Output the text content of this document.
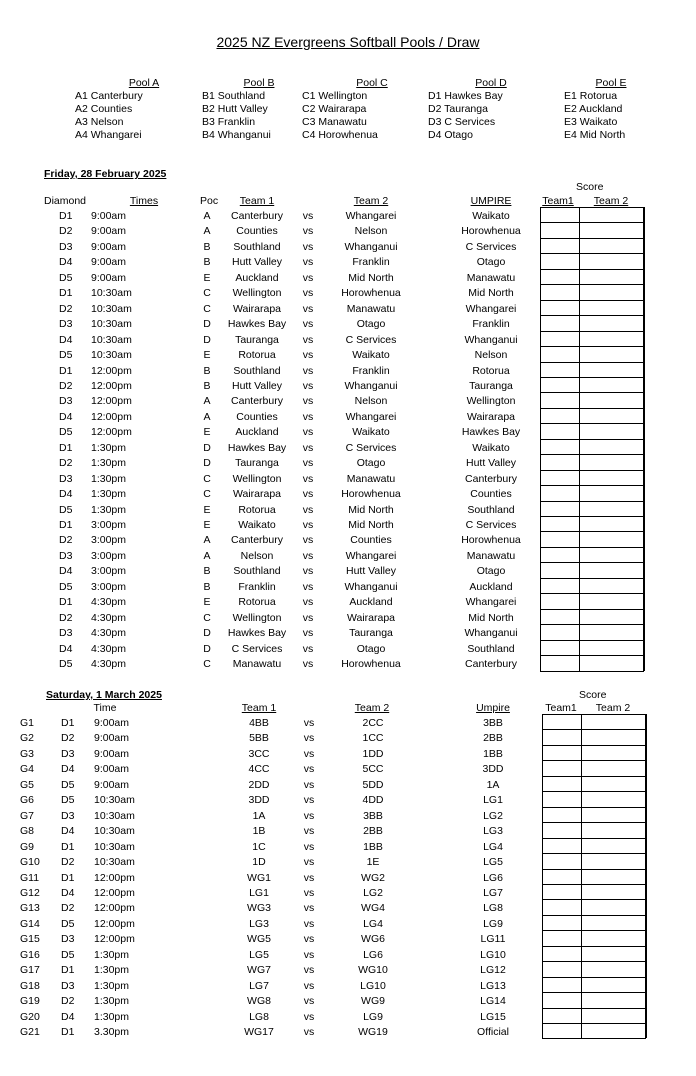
2025 NZ Evergreens Softball Pools / Draw
Pool A
A1 Canterbury
A2 Counties
A3 Nelson
A4 Whangarei
Pool B
B1 Southland
B2 Hutt Valley
B3 Franklin
B4 Whanganui
Pool C
C1 Wellington
C2 Wairarapa
C3 Manawatu
C4 Horowhenua
Pool D
D1 Hawkes Bay
D2 Tauranga
D3 C Services
D4 Otago
Pool E
E1 Rotorua
E2 Auckland
E3 Waikato
E4 Mid North
Friday, 28 February 2025
Score
Diamond	Times	Poc	Team 1	Team 2	UMPIRE	Team1	Team 2
D1 9:00am	A	Canterbury	vs	Whangarei	Waikato
D2 9:00am	A	Counties	vs	Nelson	Horowhenua
D3 9:00am	B	Southland	vs	Whanganui	C Services
D4 9:00am	B	Hutt Valley	vs	Franklin	Otago
D5 9:00am	E	Auckland	vs	Mid North	Manawatu
D1 10:30am	C	Wellington	vs	Horowhenua	Mid North
D2 10:30am	C	Wairarapa	vs	Manawatu	Whangarei
D3 10:30am	D	Hawkes Bay	vs	Otago	Franklin
D4 10:30am	D	Tauranga	vs	C Services	Whanganui
D5 10:30am	E	Rotorua	vs	Waikato	Nelson
D1 12:00pm	B	Southland	vs	Franklin	Rotorua
D2 12:00pm	B	Hutt Valley	vs	Whanganui	Tauranga
D3 12:00pm	A	Canterbury	vs	Nelson	Wellington
D4 12:00pm	A	Counties	vs	Whangarei	Wairarapa
D5 12:00pm	E	Auckland	vs	Waikato	Hawkes Bay
D1 1:30pm	D	Hawkes Bay	vs	C Services	Waikato
D2 1:30pm	D	Tauranga	vs	Otago	Hutt Valley
D3 1:30pm	C	Wellington	vs	Manawatu	Canterbury
D4 1:30pm	C	Wairarapa	vs	Horowhenua	Counties
D5 1:30pm	E	Rotorua	vs	Mid North	Southland
D1 3:00pm	E	Waikato	vs	Mid North	C Services
D2 3:00pm	A	Canterbury	vs	Counties	Horowhenua
D3 3:00pm	A	Nelson	vs	Whangarei	Manawatu
D4 3:00pm	B	Southland	vs	Hutt Valley	Otago
D5 3:00pm	B	Franklin	vs	Whanganui	Auckland
D1 4:30pm	E	Rotorua	vs	Auckland	Whangarei
D2 4:30pm	C	Wellington	vs	Wairarapa	Mid North
D3 4:30pm	D	Hawkes Bay	vs	Tauranga	Whanganui
D4 4:30pm	D	C Services	vs	Otago	Southland
D5 4:30pm	C	Manawatu	vs	Horowhenua	Canterbury
Saturday, 1 March 2025	Score
Time	Team 1	Team 2	Umpire	Team1	Team 2
G1	D1 9:00am	4BB	vs	2CC	3BB
G2	D2 9:00am	5BB	vs	1CC	2BB
G3	D3 9:00am	3CC	vs	1DD	1BB
G4	D4 9:00am	4CC	vs	5CC	3DD
G5	D5 9:00am	2DD	vs	5DD	1A
G6	D5 10:30am	3DD	vs	4DD	LG1
G7	D3 10:30am	1A	vs	3BB	LG2
G8	D4 10:30am	1B	vs	2BB	LG3
G9	D1 10:30am	1C	vs	1BB	LG4
G10 D2 10:30am	1D	vs	1E	LG5
G11 D1 12:00pm	WG1	vs	WG2	LG6
G12 D4 12:00pm	LG1	vs	LG2	LG7
G13 D2 12:00pm	WG3	vs	WG4	LG8
G14 D5 12:00pm	LG3	vs	LG4	LG9
G15 D3 12:00pm	WG5	vs	WG6	LG11
G16 D5 1:30pm	LG5	vs	LG6	LG10
G17 D1 1:30pm	WG7	vs	WG10	LG12
G18 D3 1:30pm	LG7	vs	LG10	LG13
G19 D2 1:30pm	WG8	vs	WG9	LG14
G20 D4 1:30pm	LG8	vs	LG9	LG15
G21 D1 3.30pm	WG17	vs	WG19	Official
